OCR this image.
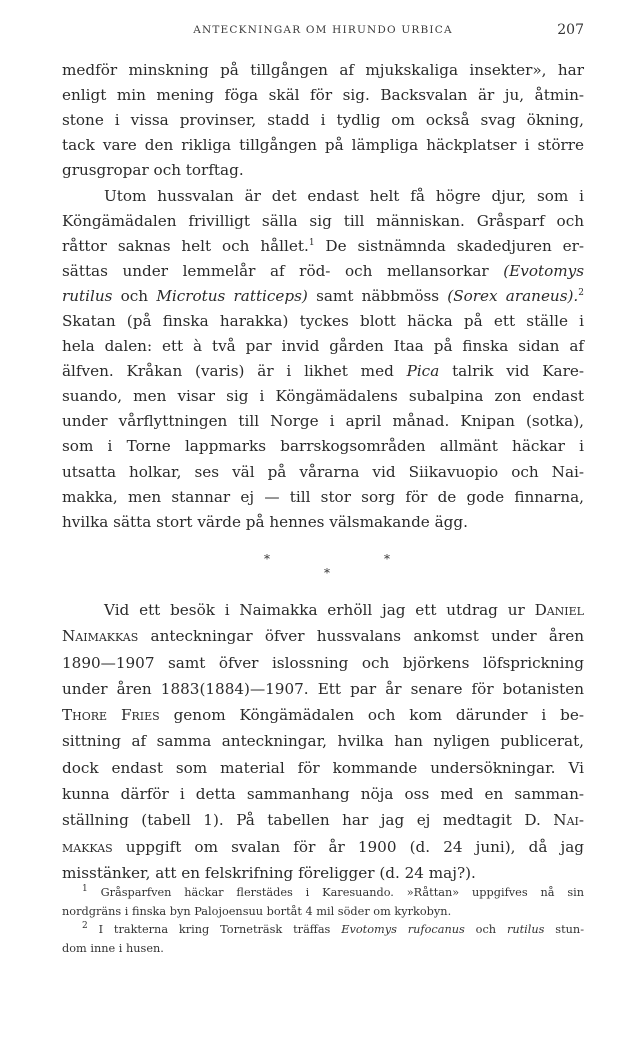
ANTECKNINGAR OM HIRUNDO URBICA	207
medför minskning på tillgången af mjukskaliga insekter», har
enligt min mening föga skäl för sig. Backsvalan är ju, åtmin-
stone i vissa provinser, stadd i tydlig om också svag ökning,
tack vare den rikliga tillgången på lämpliga häckplatser i större
grusgropar och torftag.
Utom hussvalan är det endast helt få högre djur, som i
Köngämädalen frivilligt sälla sig till människan. Gråsparf och
råttor saknas helt och hållet.$^1$ De sistnämnda skadedjuren er-
sättas under lemmelår af röd- och mellansorkar (Evotomys
rutilus och Microtus ratticeps) samt näbbmöss (Sorex araneus).$^2$
Skatan (på finska harakka) tyckes blott häcka på ett ställe i
hela dalen: ett à två par invid gården Itaa på finska sidan af
älfven. Kråkan (varis) är i likhet med Pica talrik vid Kare-
suando, men visar sig i Köngämädalens subalpina zon endast
under vårflyttningen till Norge i april månad. Knipan (sotka),
som i Torne lappmarks barrskogsområden allmänt häckar i
utsatta holkar, ses väl på vårarna vid Siikavuopio och Nai-
makka, men stannar ej — till stor sorg för de gode finnarna,
hvilka sätta stort värde på hennes välsmakande ägg.
*	*
*
Vid ett besök i Naimakka erhöll jag ett utdrag ur Daniel
Naimakkas anteckningar öfver hussvalans ankomst under åren
1890—1907 samt öfver islossning och björkens löfsprickning
under åren 1883(1884)—1907. Ett par år senare för botanisten
Thore Fries genom Köngämädalen och kom därunder i be-
sittning af samma anteckningar, hvilka han nyligen publicerat,
dock endast som material för kommande undersökningar. Vi
kunna därför i detta sammanhang nöja oss med en samman-
ställning (tabell 1). På tabellen har jag ej medtagit D. Nai-
makkas uppgift om svalan för år 1900 (d. 24 juni), då jag
misstänker, att en felskrifning föreligger (d. 24 maj?).
$^1$ Gråsparfven häckar flerstädes i Karesuando. »Råttan» uppgifves nå sin
nordgräns i finska byn Palojoensuu bortåt 4 mil söder om kyrkobyn.
$^2$ I trakterna kring Torneträsk träffas Evotomys rufocanus och rutilus stun-
dom inne i husen.
